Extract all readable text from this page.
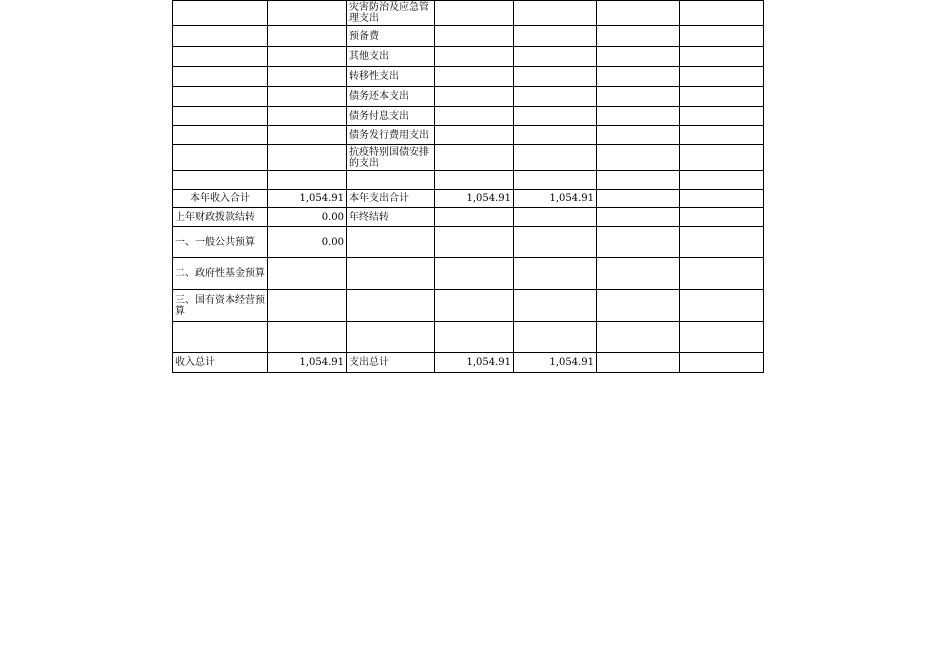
		灾害防治及应急管理支出				
		预备费				
		其他支出				
		转移性支出				
		债务还本支出				
		债务付息支出				
		债务发行费用支出				
		抗疫特别国债安排的支出				

本年收入合计	1,054.91	本年支出合计	1,054.91	1,054.91		
上年财政拨款结转	0.00	年终结转				
一、一般公共预算	0.00					
二、政府性基金预算						
三、国有资本经营预算						

收入总计	1,054.91	支出总计	1,054.91	1,054.91		
